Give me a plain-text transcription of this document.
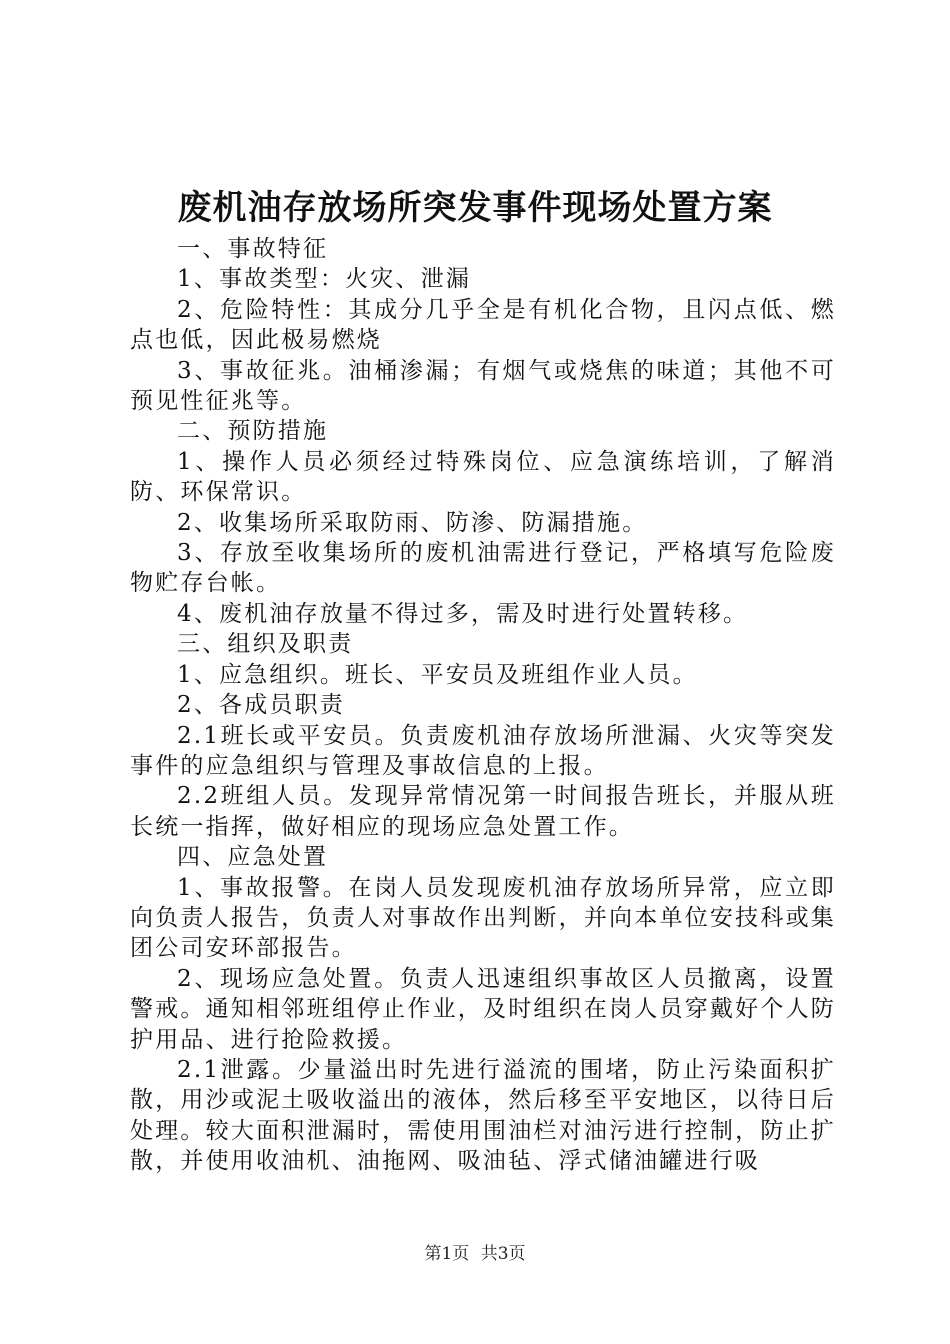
废机油存放场所突发事件现场处置方案

一、事故特征

1、事故类型：火灾、泄漏

2、危险特性：其成分几乎全是有机化合物，且闪点低、燃点也低，因此极易燃烧

3、事故征兆。油桶渗漏；有烟气或烧焦的味道；其他不可预见性征兆等。

二、预防措施

1、操作人员必须经过特殊岗位、应急演练培训，了解消防、环保常识。

2、收集场所采取防雨、防渗、防漏措施。

3、存放至收集场所的废机油需进行登记，严格填写危险废物贮存台帐。

4、废机油存放量不得过多，需及时进行处置转移。

三、组织及职责

1、应急组织。班长、平安员及班组作业人员。

2、各成员职责

2.1班长或平安员。负责废机油存放场所泄漏、火灾等突发事件的应急组织与管理及事故信息的上报。

2.2班组人员。发现异常情况第一时间报告班长，并服从班长统一指挥，做好相应的现场应急处置工作。

四、应急处置

1、事故报警。在岗人员发现废机油存放场所异常，应立即向负责人报告，负责人对事故作出判断，并向本单位安技科或集团公司安环部报告。

2、现场应急处置。负责人迅速组织事故区人员撤离，设置警戒。通知相邻班组停止作业，及时组织在岗人员穿戴好个人防护用品、进行抢险救援。

2.1泄露。少量溢出时先进行溢流的围堵，防止污染面积扩散，用沙或泥土吸收溢出的液体，然后移至平安地区，以待日后处理。较大面积泄漏时，需使用围油栏对油污进行控制，防止扩散，并使用收油机、油拖网、吸油毡、浮式储油罐进行吸

第1页 共3页
